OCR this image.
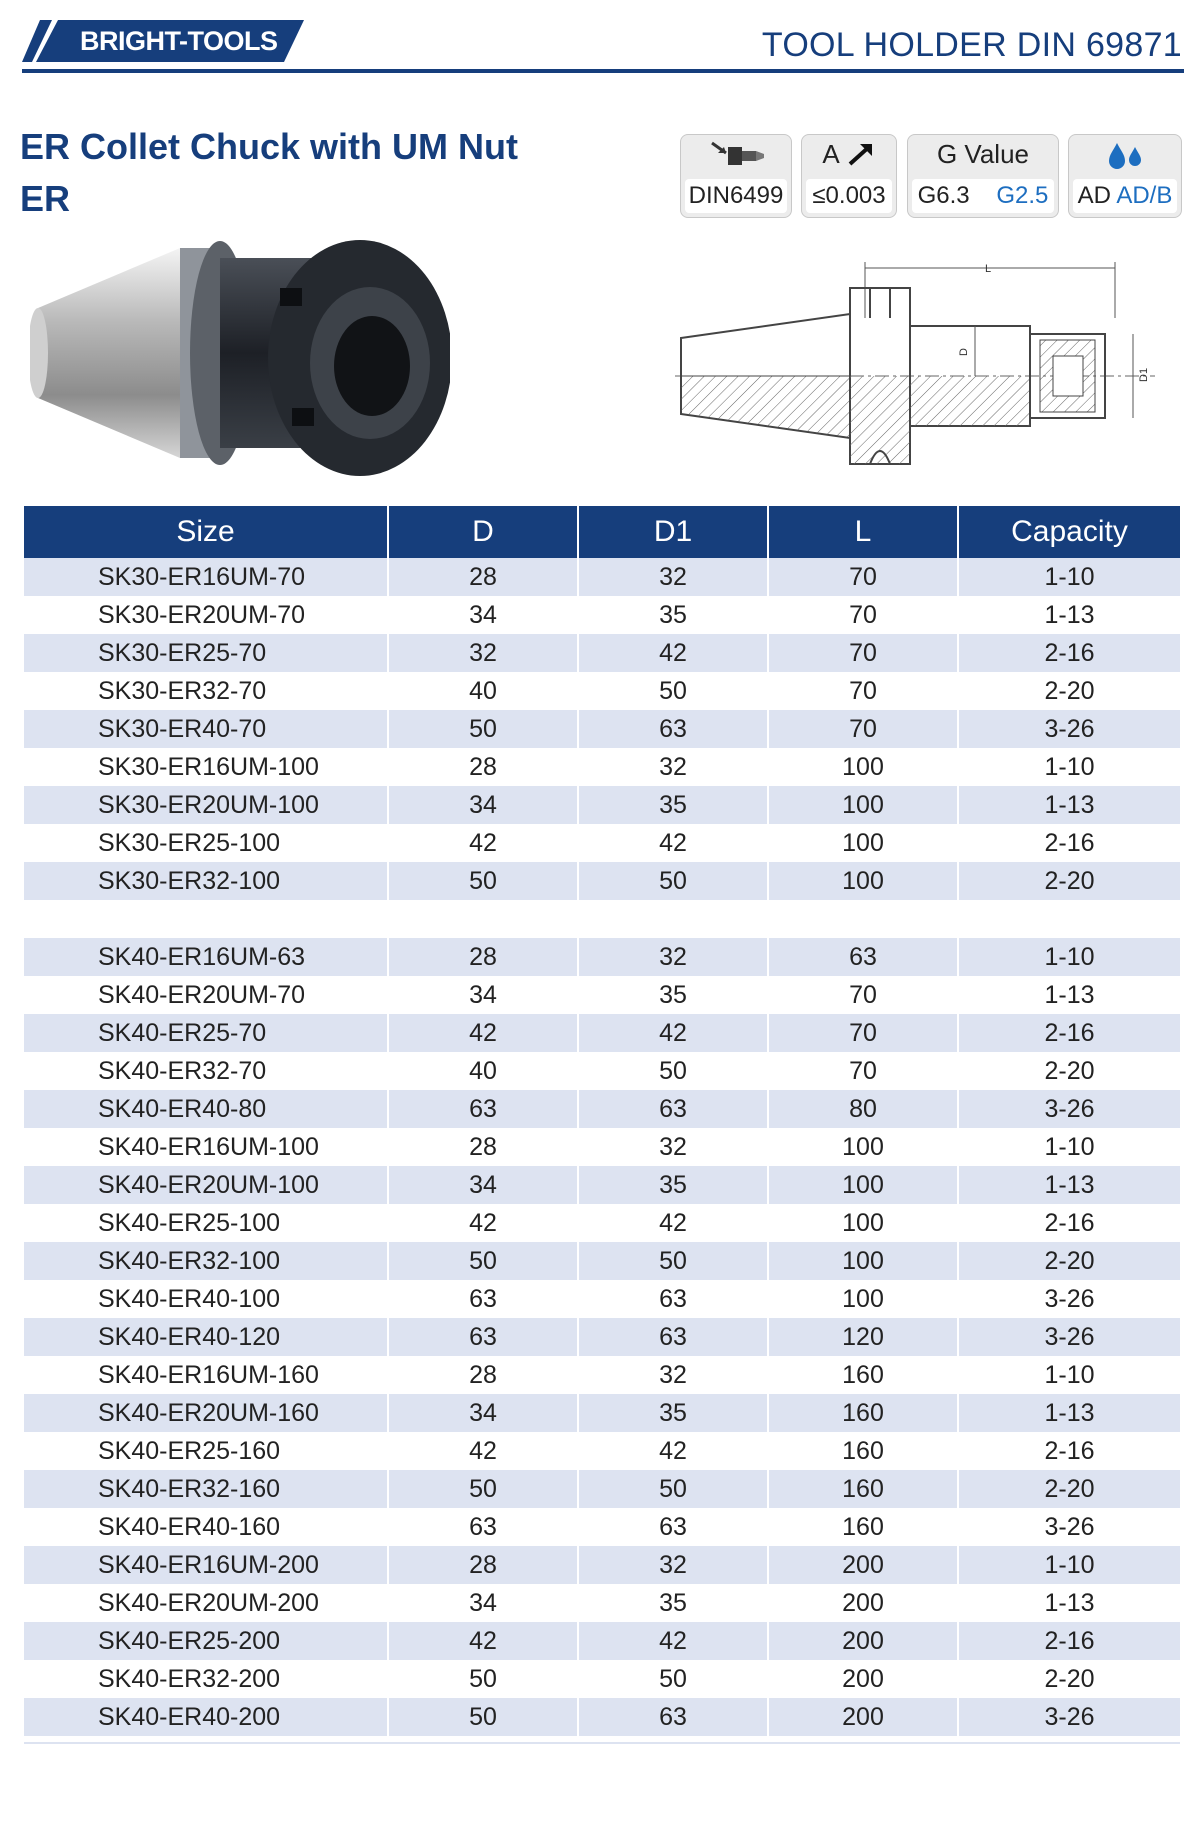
BRIGHT-TOOLS	TOOL HOLDER DIN 69871
ER Collet Chuck with UM Nut
ER	DIN6499
A
≤0.003
G Value
G6.3 G2.5 AD AD/B
L
D
D1
Size	D	D1	L	Capacity
SK30-ER16UM-70	28	32	70	1-10
SK30-ER20UM-70	34	35	70	1-13
SK30-ER25-70	32	42	70	2-16
SK30-ER32-70	40	50	70	2-20
SK30-ER40-70	50	63	70	3-26
SK30-ER16UM-100	28	32	100	1-10
SK30-ER20UM-100	34	35	100	1-13
SK30-ER25-100	42	42	100	2-16
SK30-ER32-100	50	50	100	2-20

SK40-ER16UM-63	28	32	63	1-10
SK40-ER20UM-70	34	35	70	1-13
SK40-ER25-70	42	42	70	2-16
SK40-ER32-70	40	50	70	2-20
SK40-ER40-80	63	63	80	3-26
SK40-ER16UM-100	28	32	100	1-10
SK40-ER20UM-100	34	35	100	1-13
SK40-ER25-100	42	42	100	2-16
SK40-ER32-100	50	50	100	2-20
SK40-ER40-100	63	63	100	3-26
SK40-ER40-120	63	63	120	3-26
SK40-ER16UM-160	28	32	160	1-10
SK40-ER20UM-160	34	35	160	1-13
SK40-ER25-160	42	42	160	2-16
SK40-ER32-160	50	50	160	2-20
SK40-ER40-160	63	63	160	3-26
SK40-ER16UM-200	28	32	200	1-10
SK40-ER20UM-200	34	35	200	1-13
SK40-ER25-200	42	42	200	2-16
SK40-ER32-200	50	50	200	2-20
SK40-ER40-200	50	63	200	3-26
